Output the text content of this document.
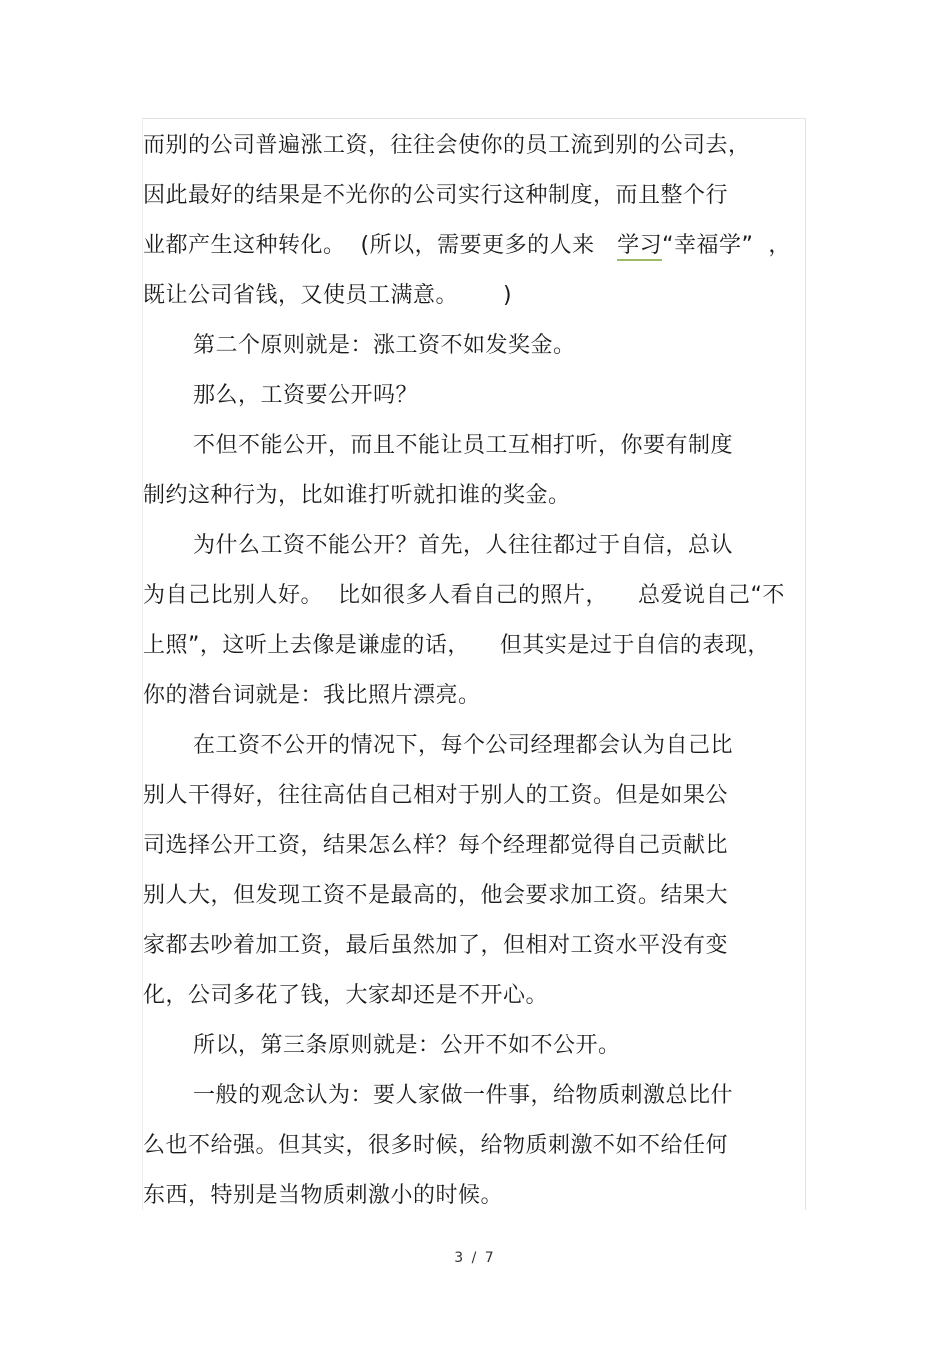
而别的公司普遍涨工资，往往会使你的员工流到别的公司去，
因此最好的结果是不光你的公司实行这种制度，而且整个行
业都产生这种转化。  (所以，需要更多的人来   学习“幸福学”  ，
既让公司省钱，又使员工满意。      )
第二个原则就是：涨工资不如发奖金。
那么，工资要公开吗？
不但不能公开，而且不能让员工互相打听，你要有制度
制约这种行为，比如谁打听就扣谁的奖金。
为什么工资不能公开？首先，人往往都过于自信，总认
为自己比别人好。  比如很多人看自己的照片，    总爱说自己“不
上照”，这听上去像是谦虚的话，    但其实是过于自信的表现，
你的潜台词就是：我比照片漂亮。
在工资不公开的情况下，每个公司经理都会认为自己比
别人干得好，往往高估自己相对于别人的工资。但是如果公
司选择公开工资，结果怎么样？每个经理都觉得自己贡献比
别人大，但发现工资不是最高的，他会要求加工资。结果大
家都去吵着加工资，最后虽然加了，但相对工资水平没有变
化，公司多花了钱，大家却还是不开心。
所以，第三条原则就是：公开不如不公开。
一般的观念认为：要人家做一件事，给物质刺激总比什
么也不给强。但其实，很多时候，给物质刺激不如不给任何
东西，特别是当物质刺激小的时候。
3 / 7
